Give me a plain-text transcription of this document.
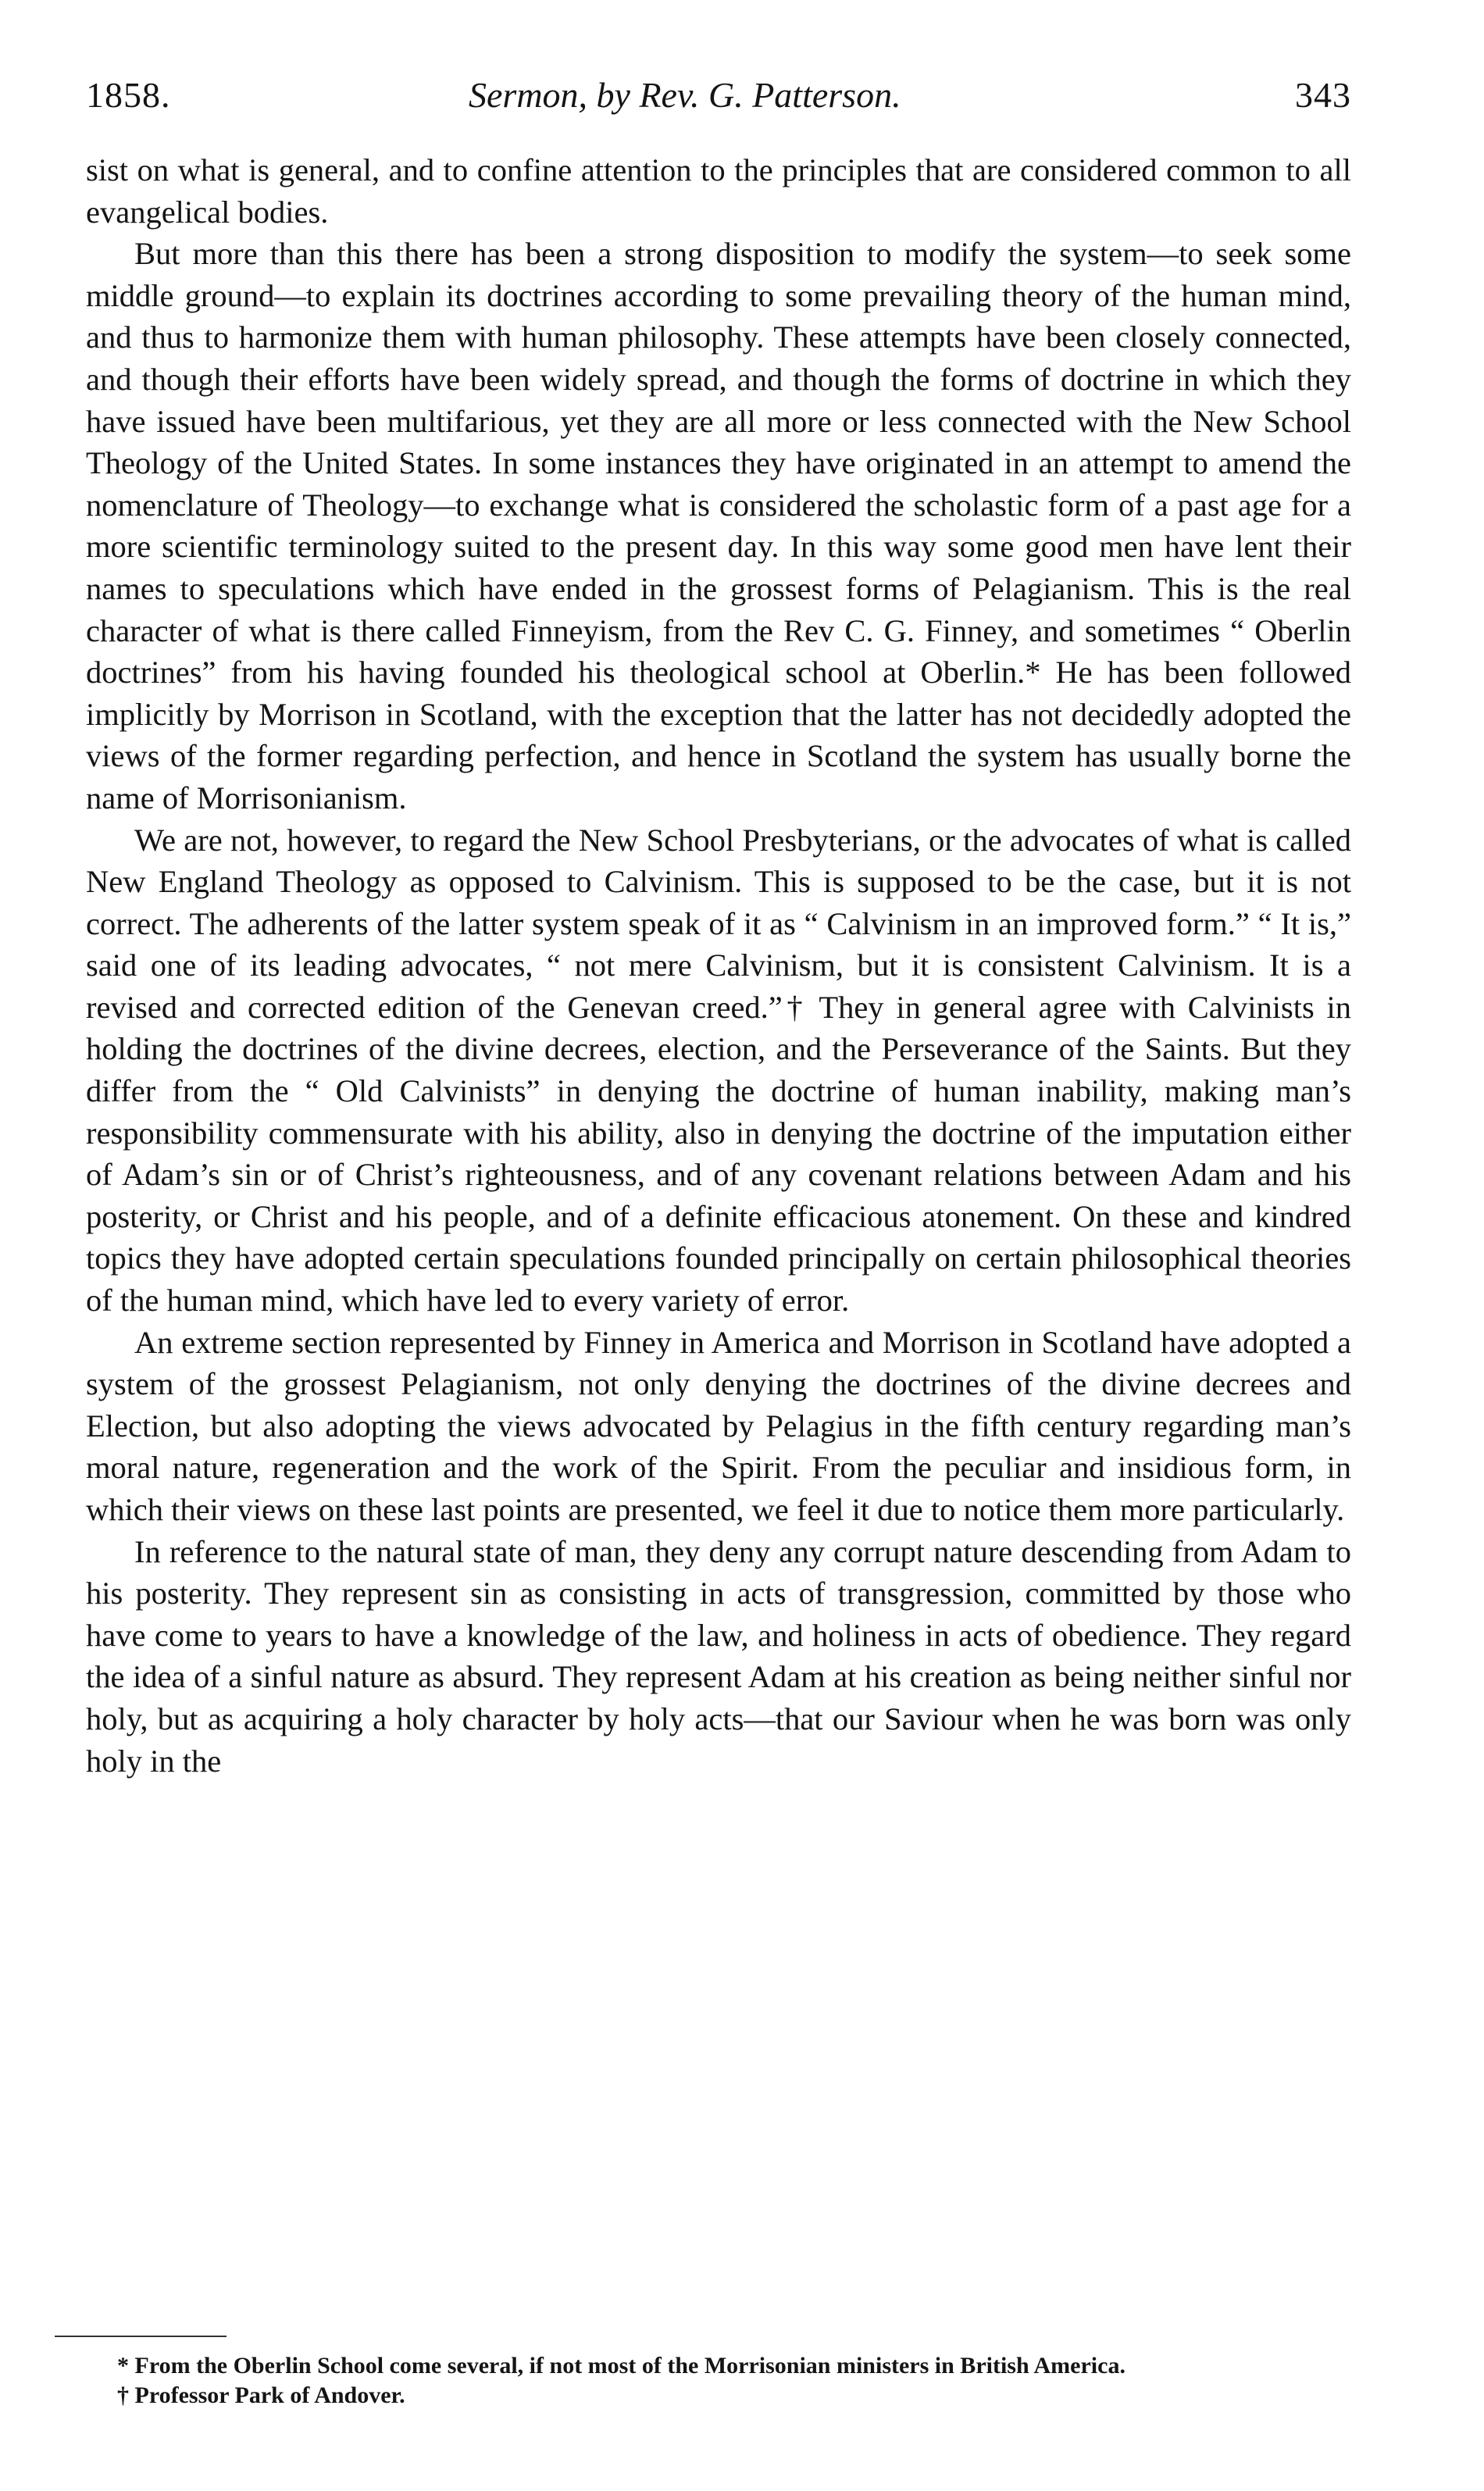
1858.	Sermon, by Rev. G. Patterson.	343

sist on what is general, and to confine attention to the principles that are considered common to all evangelical bodies.

But more than this there has been a strong disposition to modify the system—to seek some middle ground—to explain its doctrines according to some prevailing theory of the human mind, and thus to harmonize them with human philosophy. These attempts have been closely connected, and though their efforts have been widely spread, and though the forms of doctrine in which they have issued have been multifarious, yet they are all more or less connected with the New School Theology of the United States. In some instances they have originated in an attempt to amend the nomenclature of Theology—to exchange what is considered the scholastic form of a past age for a more scientific terminology suited to the present day. In this way some good men have lent their names to speculations which have ended in the grossest forms of Pelagianism. This is the real character of what is there called Finneyism, from the Rev C. G. Finney, and sometimes “ Oberlin doctrines” from his having founded his theological school at Oberlin.* He has been followed implicitly by Morrison in Scotland, with the exception that the latter has not decidedly adopted the views of the former regarding perfection, and hence in Scotland the system has usually borne the name of Morrisonianism.

We are not, however, to regard the New School Presbyterians, or the advocates of what is called New England Theology as opposed to Calvinism. This is supposed to be the case, but it is not correct. The adherents of the latter system speak of it as “ Calvinism in an improved form.” “ It is,” said one of its leading advocates, “ not mere Calvinism, but it is consistent Calvinism. It is a revised and corrected edition of the Genevan creed.”† They in general agree with Calvinists in holding the doctrines of the divine decrees, election, and the Perseverance of the Saints. But they differ from the “ Old Calvinists” in denying the doctrine of human inability, making man’s responsibility commensurate with his ability, also in denying the doctrine of the imputation either of Adam’s sin or of Christ’s righteousness, and of any covenant relations between Adam and his posterity, or Christ and his people, and of a definite efficacious atonement. On these and kindred topics they have adopted certain speculations founded principally on certain philosophical theories of the human mind, which have led to every variety of error.

An extreme section represented by Finney in America and Morrison in Scotland have adopted a system of the grossest Pelagianism, not only denying the doctrines of the divine decrees and Election, but also adopting the views advocated by Pelagius in the fifth century regarding man’s moral nature, regeneration and the work of the Spirit. From the peculiar and insidious form, in which their views on these last points are presented, we feel it due to notice them more particularly.

In reference to the natural state of man, they deny any corrupt nature descending from Adam to his posterity. They represent sin as consisting in acts of transgression, committed by those who have come to years to have a knowledge of the law, and holiness in acts of obedience. They regard the idea of a sinful nature as absurd. They represent Adam at his creation as being neither sinful nor holy, but as acquiring a holy character by holy acts—that our Saviour when he was born was only holy in the

* From the Oberlin School come several, if not most of the Morrisonian ministers in British America.

† Professor Park of Andover.
